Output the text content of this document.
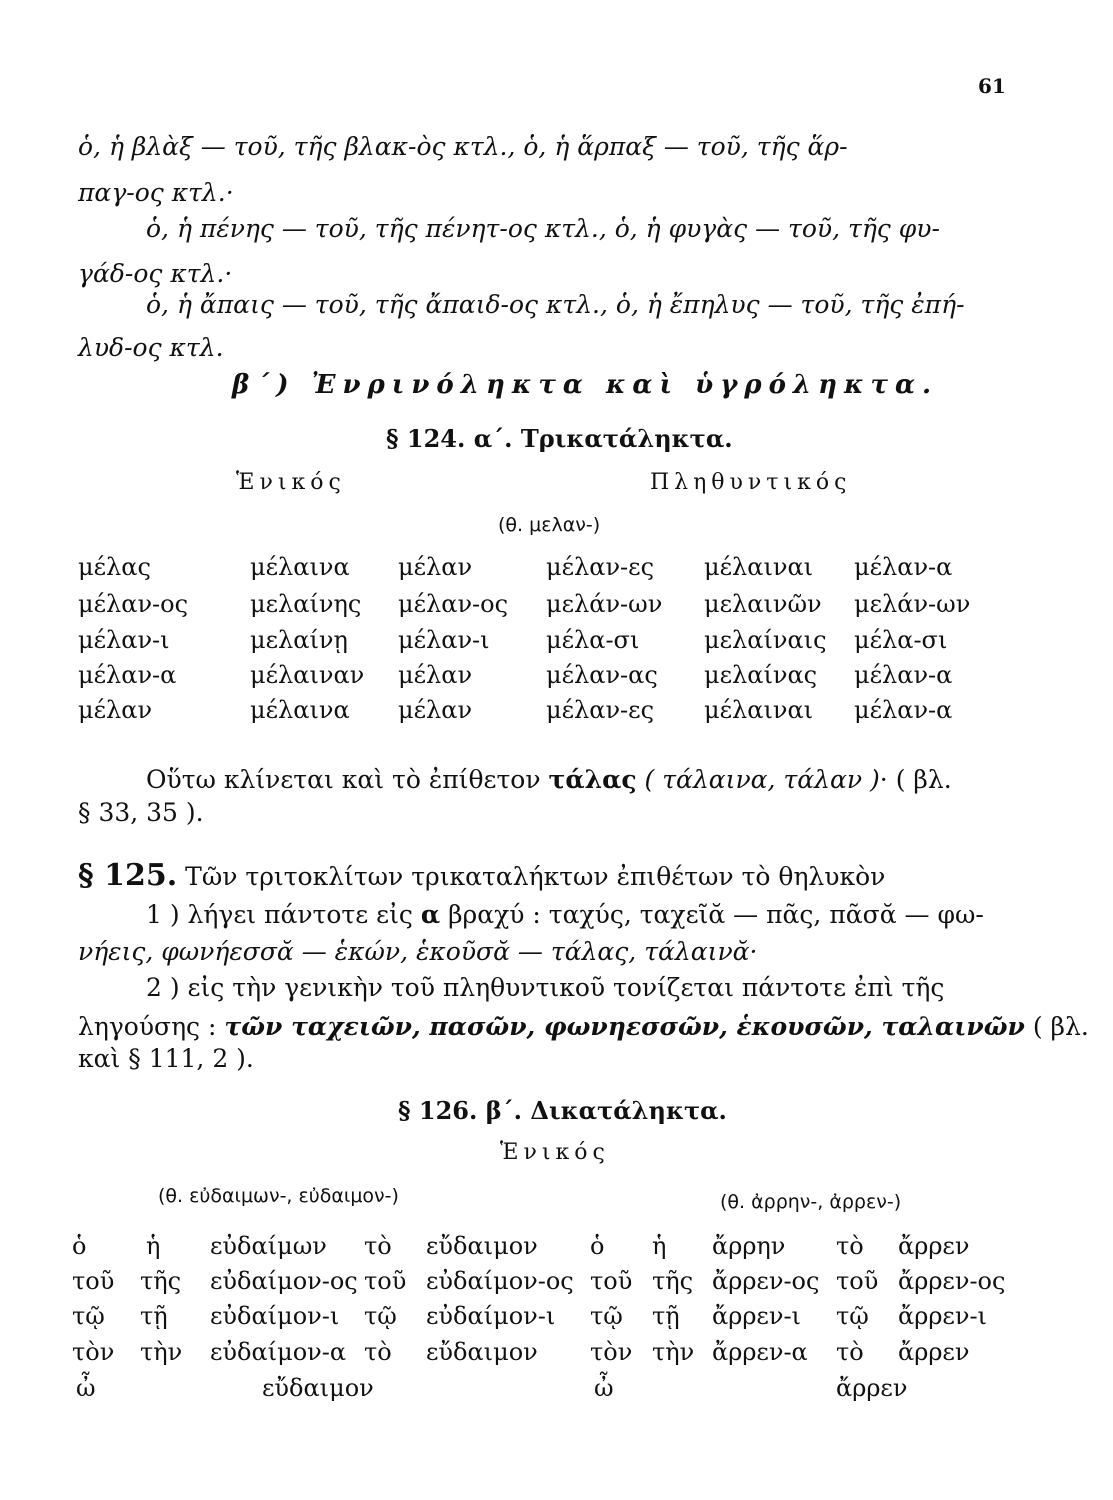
61
ὁ, ἡ βλὰξ — τοῦ, τῆς βλακ-ὸς κτλ., ὁ, ἡ ἅρπαξ — τοῦ, τῆς ἅρ-
παγ-ος κτλ.·
ὁ, ἡ πένης — τοῦ, τῆς πένητ-ος κτλ., ὁ, ἡ φυγὰς — τοῦ, τῆς φυ-
γάδ-ος κτλ.·
ὁ, ἡ ἄπαις — τοῦ, τῆς ἄπαιδ-ος κτλ., ὁ, ἡ ἔπηλυς — τοῦ, τῆς ἐπή-
λυδ-ος κτλ.
β΄) Ἐνρινόληκτα καὶ ὑγρόληκτα.
§ 124. α΄. Τρικατάληκτα.
Ἑνικός	Πληθυντικός
(θ. μελαν-)
μέλας	μέλαινα μέλαν	μέλαν-ες μέλαιναι μέλαν-α
μέλαν-ος	μελαίνης μέλαν-ος μελάν-ων μελαινῶν μελάν-ων
μέλαν-ι	μελαίνῃ μέλαν-ι μέλα-σι	μελαίναις μέλα-σι
μέλαν-α	μέλαιναν μέλαν	μέλαν-ας μελαίνας μέλαν-α
μέλαν	μέλαινα μέλαν	μέλαν-ες μέλαιναι μέλαν-α
Οὕτω κλίνεται καὶ τὸ ἐπίθετον τάλας ( τάλαινα, τάλαν )· ( βλ.
§ 33, 35 ).
§ 125. Τῶν τριτοκλίτων τρικαταλήκτων ἐπιθέτων τὸ θηλυκὸν
1 ) λήγει πάντοτε εἰς α βραχύ : ταχύς, ταχεῖᾰ — πᾶς, πᾶσᾰ — φω-
νήεις, φωνήεσσᾰ — ἑκών, ἑκοῦσᾰ — τάλας, τάλαινᾰ·
2 ) εἰς τὴν γενικὴν τοῦ πληθυντικοῦ τονίζεται πάντοτε ἐπὶ τῆς
ληγούσης : τῶν ταχειῶν, πασῶν, φωνηεσσῶν, ἑκουσῶν, ταλαινῶν ( βλ.
καὶ § 111, 2 ).
§ 126. β΄. Δικατάληκτα.
Ἑνικός
(θ. εὐδαιμων-, εὐδαιμον-)	(θ. ἀρρην-, ἀρρεν-)
ὁ ἡ εὐδαίμων τὸ εὔδαιμον ὁ ἡ ἄρρην τὸ ἄρρεν
τοῦ τῆς εὐδαίμον-ος τοῦ εὐδαίμον-ος τοῦ τῆς ἄρρεν-ος τοῦ ἄρρεν-ος
τῷ τῇ εὐδαίμον-ι τῷ εὐδαίμον-ι τῷ τῇ ἄρρεν-ι τῷ ἄρρεν-ι
τὸν τὴν εὐδαίμον-α τὸ εὔδαιμον τὸν τὴν ἄρρεν-α τὸ ἄρρεν
ὦ	εὔδαιμον	ὦ	ἄρρεν
